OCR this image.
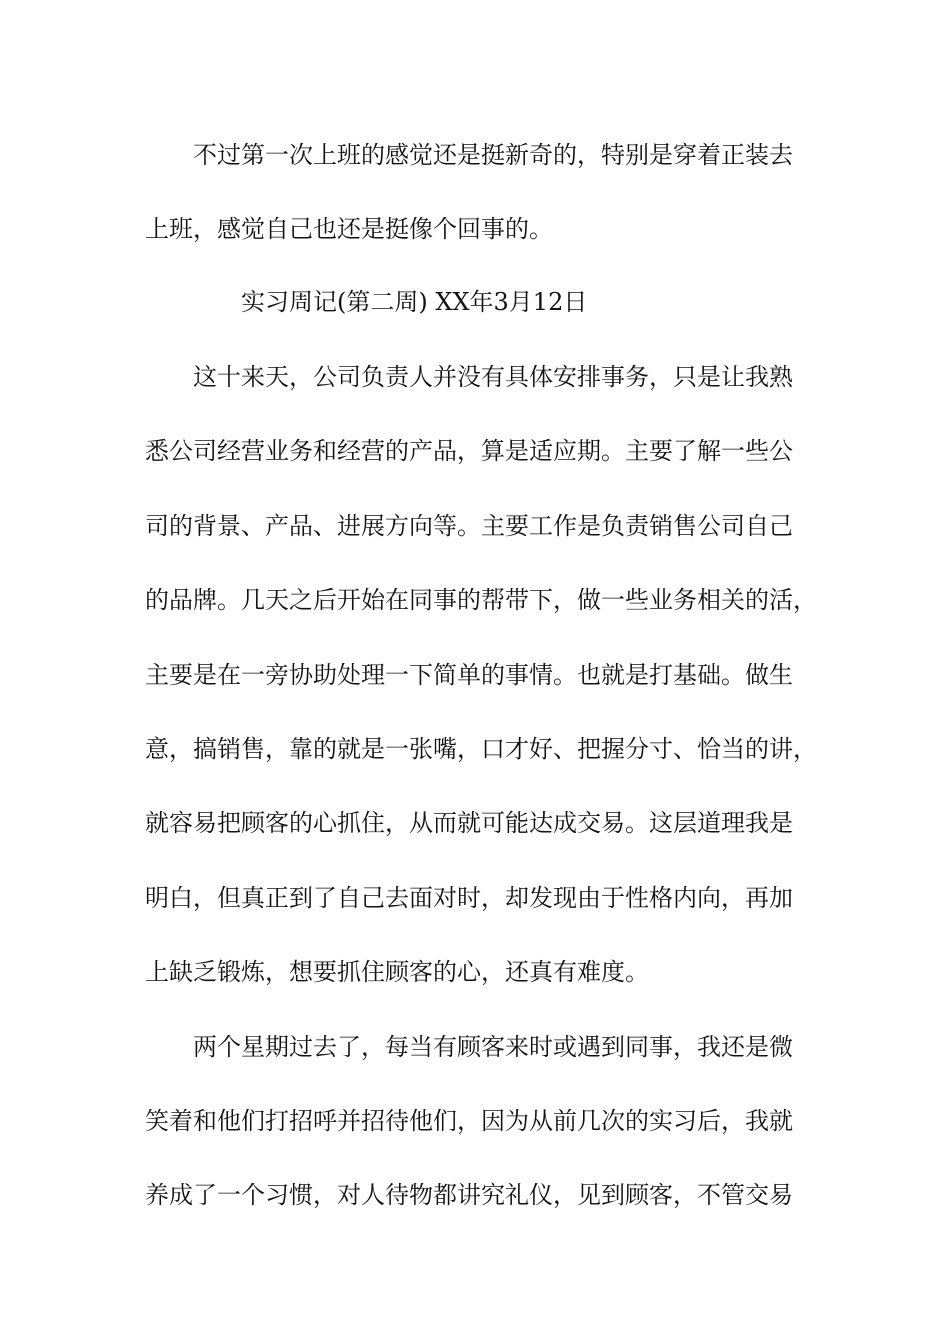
不过第一次上班的感觉还是挺新奇的，特别是穿着正装去
上班，感觉自己也还是挺像个回事的。
实习周记(第二周) XX年3月12日
这十来天，公司负责人并没有具体安排事务，只是让我熟
悉公司经营业务和经营的产品，算是适应期。主要了解一些公
司的背景、产品、进展方向等。主要工作是负责销售公司自己
的品牌。几天之后开始在同事的帮带下，做一些业务相关的活，
主要是在一旁协助处理一下简单的事情。也就是打基础。做生
意，搞销售，靠的就是一张嘴，口才好、把握分寸、恰当的讲，
就容易把顾客的心抓住，从而就可能达成交易。这层道理我是
明白，但真正到了自己去面对时，却发现由于性格内向，再加
上缺乏锻炼，想要抓住顾客的心，还真有难度。
两个星期过去了，每当有顾客来时或遇到同事，我还是微
笑着和他们打招呼并招待他们，因为从前几次的实习后，我就
养成了一个习惯，对人待物都讲究礼仪，见到顾客，不管交易
